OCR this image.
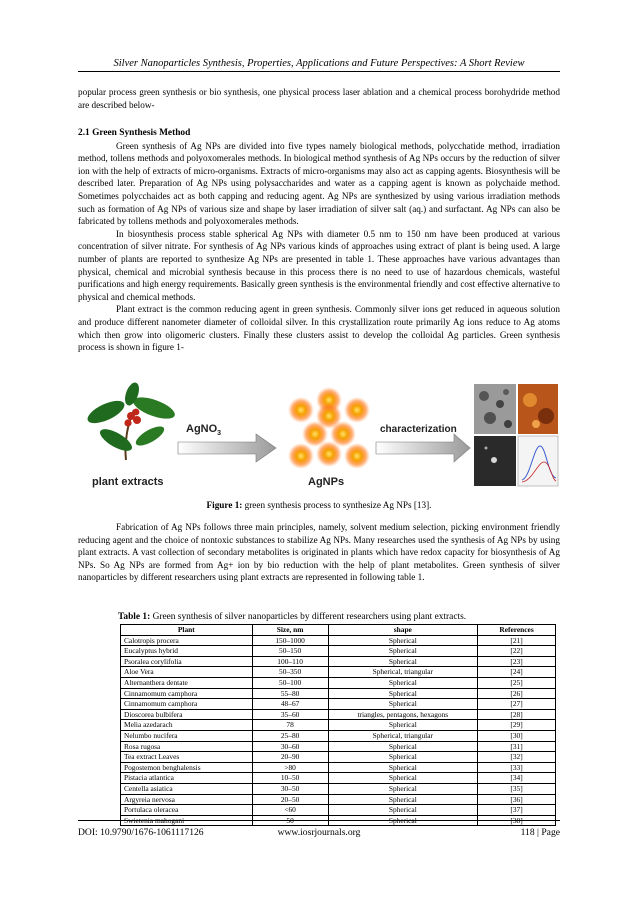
Silver Nanoparticles Synthesis, Properties, Applications and Future Perspectives: A Short Review

popular process green synthesis or bio synthesis, one physical process laser ablation and a chemical process borohydride method are described below-

2.1 Green Synthesis Method

Green synthesis of Ag NPs are divided into five types namely biological methods, polycchatide method, irradiation method, tollens methods and polyoxomerales methods. In biological method synthesis of Ag NPs occurs by the reduction of silver ion with the help of extracts of micro-organisms. Extracts of micro-organisms may also act as capping agents. Biosynthesis will be described later. Preparation of Ag NPs using polysaccharides and water as a capping agent is known as polychaide method. Sometimes polycchaides act as both capping and reducing agent. Ag NPs are synthesized by using various irradiation methods such as formation of Ag NPs of various size and shape by laser irradiation of silver salt (aq.) and surfactant. Ag NPs can also be fabricated by tollens methods and polyoxomerales methods.

In biosynthesis process stable spherical Ag NPs with diameter 0.5 nm to 150 nm have been produced at various concentration of silver nitrate. For synthesis of Ag NPs various kinds of approaches using extract of plant is being used. A large number of plants are reported to synthesize Ag NPs are presented in table 1. These approaches have various advantages than physical, chemical and microbial synthesis because in this process there is no need to use of hazardous chemicals, wasteful purifications and high energy requirements. Basically green synthesis is the environmental friendly and cost effective alternative to physical and chemical methods.

Plant extract is the common reducing agent in green synthesis. Commonly silver ions get reduced in aqueous solution and produce different nanometer diameter of colloidal silver. In this crystallization route primarily Ag ions reduce to Ag atoms which then grow into oligomeric clusters. Finally these clusters assist to develop the colloidal Ag particles. Green synthesis process is shown in figure 1-

plant extracts
AgNO$_3$
AgNPs
characterization
Figure 1: green synthesis process to synthesize Ag NPs [13].

Fabrication of Ag NPs follows three main principles, namely, solvent medium selection, picking environment friendly reducing agent and the choice of nontoxic substances to stabilize Ag NPs. Many researches used the synthesis of Ag NPs by using plant extracts. A vast collection of secondary metabolites is originated in plants which have redox capacity for biosynthesis of Ag NPs. So Ag NPs are formed from Ag+ ion by bio reduction with the help of plant metabolites. Green synthesis of silver nanoparticles by different researchers using plant extracts are represented in following table 1.

Table 1: Green synthesis of silver nanoparticles by different researchers using plant extracts.
Plant	Size, nm	shape	References
Calotropis procera	150–1000	Spherical	[21]
Eucalyptus hybrid	50–150	Spherical	[22]
Psoralea corylifolia	100–110	Spherical	[23]
Aloe Vera	50–350	Spherical, triangular	[24]
Alternanthera dentate	50–100	Spherical	[25]
Cinnamomum camphora	55–80	Spherical	[26]
Cinnamomum camphora	48–67	Spherical	[27]
Dioscorea bulbifera	35–60	triangles, pentagons, hexagons	[28]
Melia azedarach	78	Spherical	[29]
Nelumbo nucifera	25–80	Spherical, triangular	[30]
Rosa rugosa	30–60	Spherical	[31]
Tea extract Leaves	20–90	Spherical	[32]
Pogostemon benghalensis	>80	Spherical	[33]
Pistacia atlantica	10–50	Spherical	[34]
Centella asiatica	30–50	Spherical	[35]
Argyreia nervosa	20–50	Spherical	[36]
Portulaca oleracea	<60	Spherical	[37]
Swietenia mahogani	50	Spherical	[38]
DOI: 10.9790/1676-1061117126	www.iosrjournals.org	118 | Page
